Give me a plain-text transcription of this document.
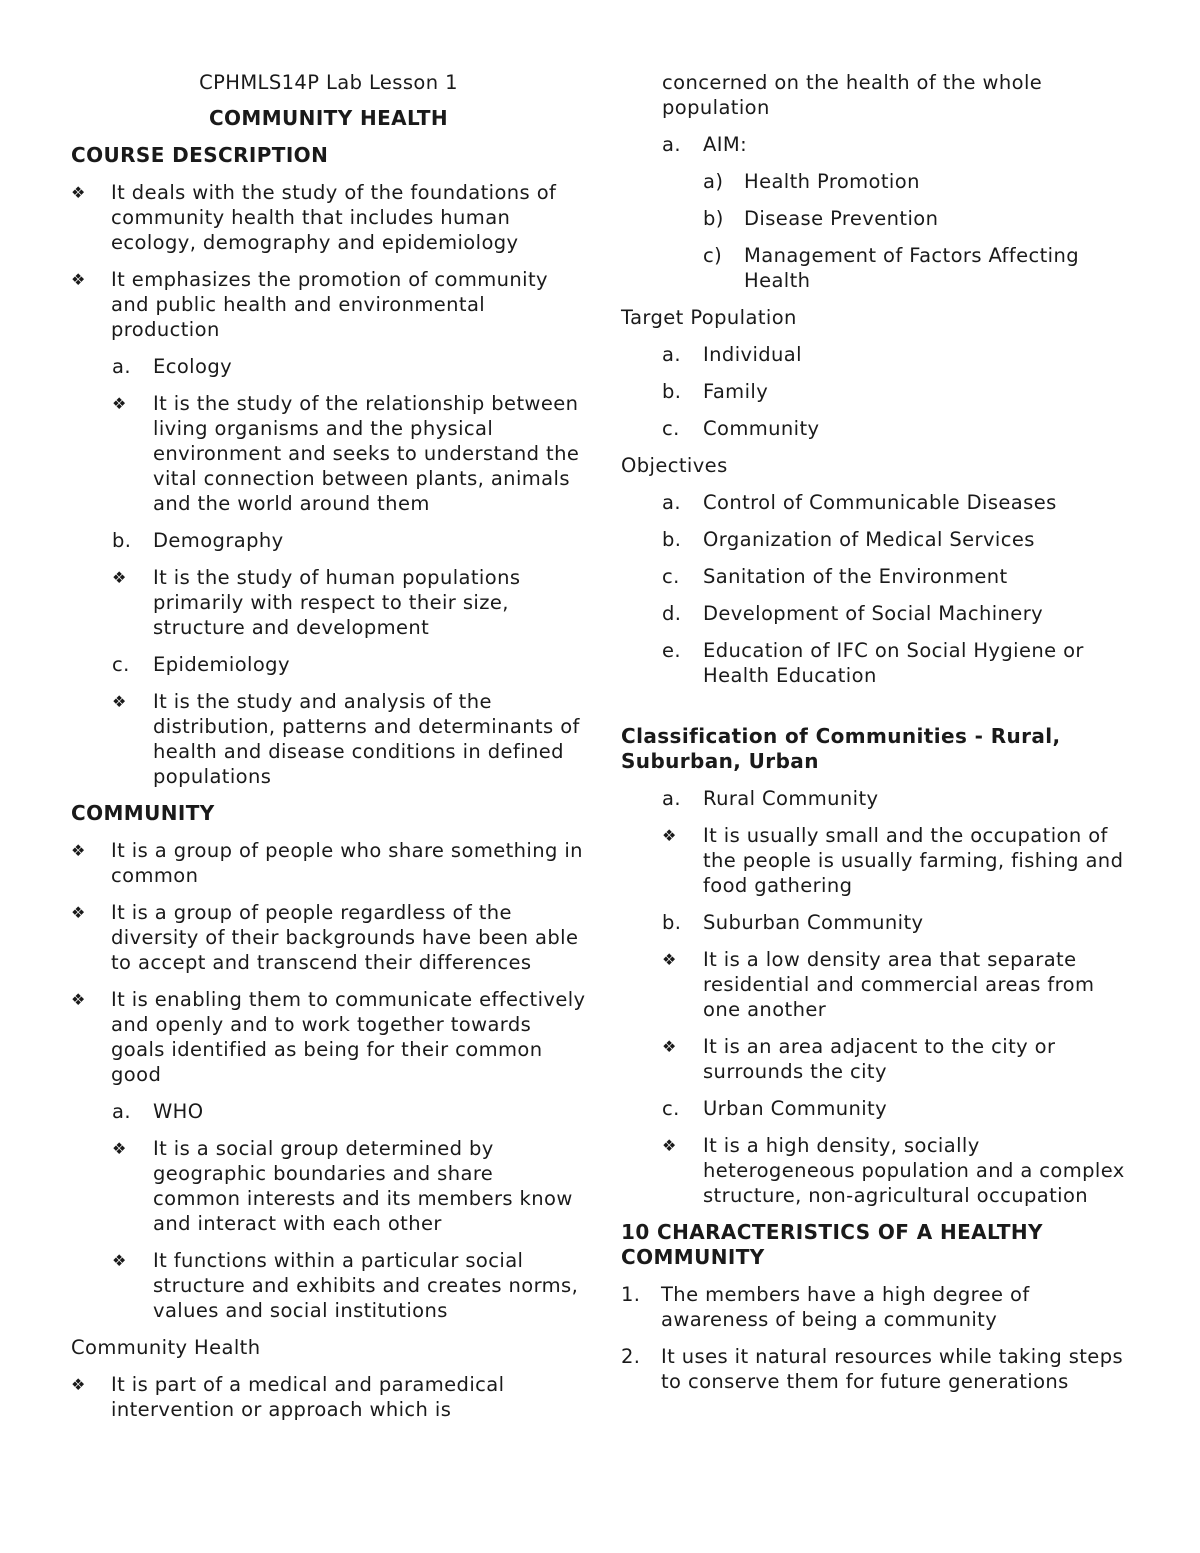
CPHMLS14P Lab Lesson 1
COMMUNITY HEALTH
COURSE DESCRIPTION
❖	It deals with the study of the foundations of community health that includes human ecology, demography and epidemiology
❖	It emphasizes the promotion of community and public health and environmental production
a.	Ecology
❖	It is the study of the relationship between living organisms and the physical environment and seeks to understand the vital connection between plants, animals and the world around them
b.	Demography
❖	It is the study of human populations primarily with respect to their size, structure and development
c.	Epidemiology
❖	It is the study and analysis of the distribution, patterns and determinants of health and disease conditions in defined populations
COMMUNITY
❖	It is a group of people who share something in common
❖	It is a group of people regardless of the diversity of their backgrounds have been able to accept and transcend their differences
❖	It is enabling them to communicate effectively and openly and to work together towards goals identified as being for their common good
a.	WHO
❖	It is a social group determined by geographic boundaries and share common interests and its members know and interact with each other
❖	It functions within a particular social structure and exhibits and creates norms, values and social institutions
Community Health
❖	It is part of a medical and paramedical intervention or approach which is
concerned on the health of the whole population
a.	AIM:
a)	Health Promotion
b)	Disease Prevention
c)	Management of Factors Affecting Health
Target Population
a.	Individual
b.	Family
c.	Community
Objectives
a.	Control of Communicable Diseases
b.	Organization of Medical Services
c.	Sanitation of the Environment
d.	Development of Social Machinery
e.	Education of IFC on Social Hygiene or Health Education
Classification of Communities - Rural, Suburban, Urban
a.	Rural Community
❖	It is usually small and the occupation of the people is usually farming, fishing and food gathering
b.	Suburban Community
❖	It is a low density area that separate residential and commercial areas from one another
❖	It is an area adjacent to the city or surrounds the city
c.	Urban Community
❖	It is a high density, socially heterogeneous population and a complex structure, non-agricultural occupation
10 CHARACTERISTICS OF A HEALTHY COMMUNITY
1.	The members have a high degree of awareness of being a community
2.	It uses it natural resources while taking steps to conserve them for future generations
